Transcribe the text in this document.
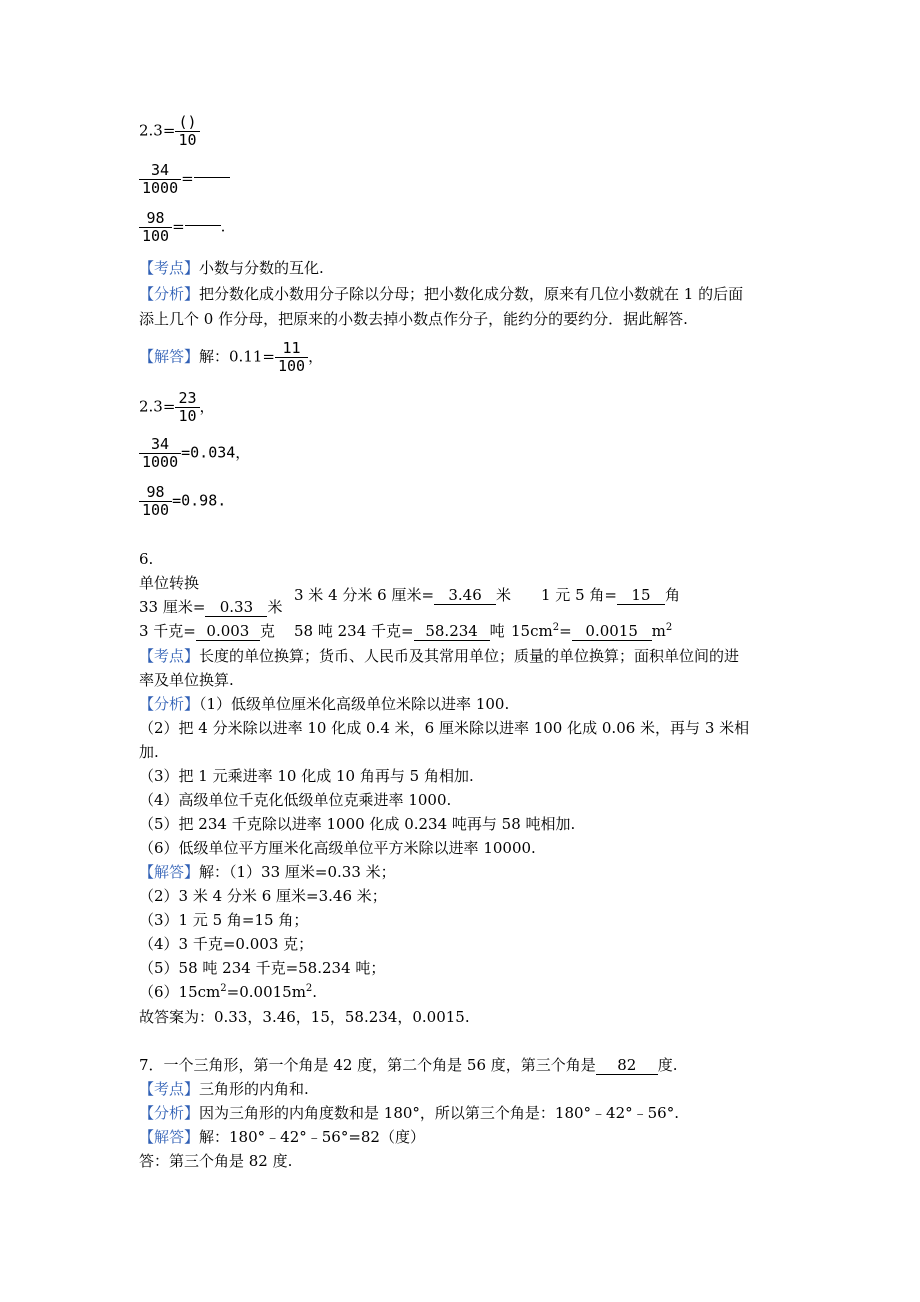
$2.3= \frac{()}{10}$
$\frac{34}{1000}$ =
$\frac{98}{100}$ = .
【考点】小数与分数的互化.
【分析】把分数化成小数用分子除以分母；把小数化成分数，原来有几位小数就在 1 的后面
添上几个 0 作分母，把原来的小数去掉小数点作分子，能约分的要约分．据此解答.
【解答】解：$0.11= \frac{11}{100}$ ，
$2.3= \frac{23}{10}$ ，
$\frac{34}{1000} =0.034$，
$\frac{98}{100} =0.98$.
6.
单位转换
33 厘米= 0.33 米
3 米 4 分米 6 厘米= 3.46 米 1 元 5 角= 15 角
3 千克= 0.003 克 58 吨 234 千克= 58.234 吨 $15cm^2= 0.0015$ $m^2$
【考点】长度的单位换算；货币、人民币及其常用单位；质量的单位换算；面积单位间的进
率及单位换算.
【分析】（1）低级单位厘米化高级单位米除以进率 100.
（2）把 4 分米除以进率 10 化成 0.4 米，6 厘米除以进率 100 化成 0.06 米，再与 3 米相
加.
（3）把 1 元乘进率 10 化成 10 角再与 5 角相加.
（4）高级单位千克化低级单位克乘进率 1000.
（5）把 234 千克除以进率 1000 化成 0.234 吨再与 58 吨相加.
（6）低级单位平方厘米化高级单位平方米除以进率 10000.
【解答】解：（1）33 厘米=0.33 米；
（2）3 米 4 分米 6 厘米=3.46 米；
（3）1 元 5 角=15 角；
（4）3 千克=0.003 克；
（5）58 吨 234 千克=58.234 吨；
$(6)15cm^2=0.0015m^2$.
故答案为：0.33，3.46，15，58.234，0.0015.
7．一个三角形，第一个角是 42 度，第二个角是 56 度，第三个角是 82 度.
【考点】三角形的内角和.
【分析】因为三角形的内角度数和是 180°，所以第三个角是：180°﹣42°﹣56°.
【解答】解：180°﹣42°﹣56°=82（度）
答：第三个角是 82 度.
